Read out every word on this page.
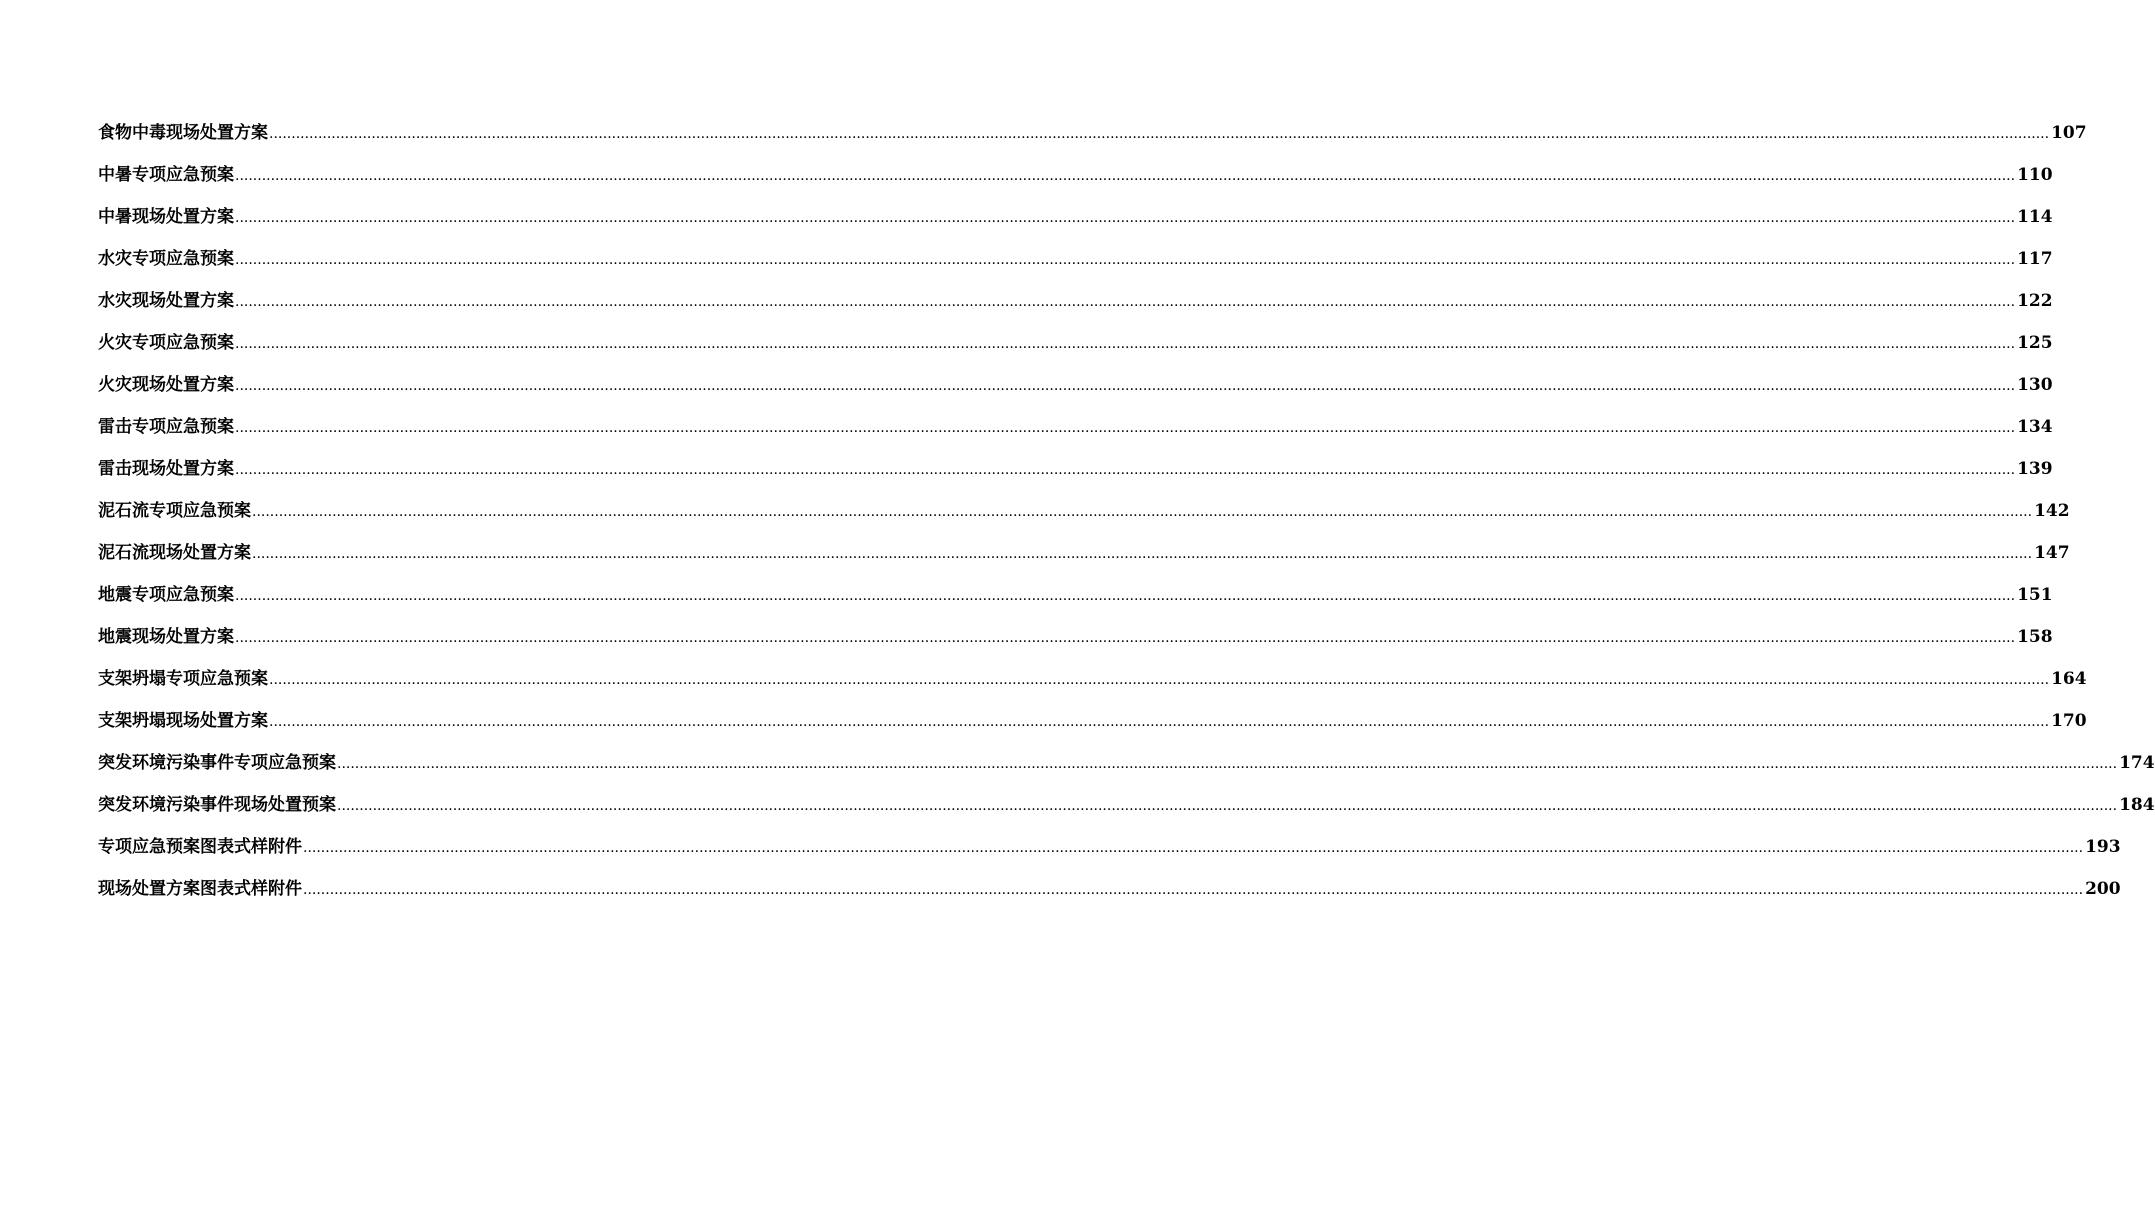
食物中毒现场处置方案 ................................................................................................................................................................................................................................................................................................................................................................................................................ 107
中暑专项应急预案 ................................................................................................................................................................................................................................................................................................................................................................................................................ 110
中暑现场处置方案 ................................................................................................................................................................................................................................................................................................................................................................................................................ 114
水灾专项应急预案 ................................................................................................................................................................................................................................................................................................................................................................................................................ 117
水灾现场处置方案 ................................................................................................................................................................................................................................................................................................................................................................................................................ 122
火灾专项应急预案 ................................................................................................................................................................................................................................................................................................................................................................................................................ 125
火灾现场处置方案 ................................................................................................................................................................................................................................................................................................................................................................................................................ 130
雷击专项应急预案 ................................................................................................................................................................................................................................................................................................................................................................................................................ 134
雷击现场处置方案 ................................................................................................................................................................................................................................................................................................................................................................................................................ 139
泥石流专项应急预案 ................................................................................................................................................................................................................................................................................................................................................................................................................ 142
泥石流现场处置方案 ................................................................................................................................................................................................................................................................................................................................................................................................................ 147
地震专项应急预案 ................................................................................................................................................................................................................................................................................................................................................................................................................ 151
地震现场处置方案 ................................................................................................................................................................................................................................................................................................................................................................................................................ 158
支架坍塌专项应急预案 ................................................................................................................................................................................................................................................................................................................................................................................................................ 164
支架坍塌现场处置方案 ................................................................................................................................................................................................................................................................................................................................................................................................................ 170
突发环境污染事件专项应急预案 ................................................................................................................................................................................................................................................................................................................................................................................................................ 174
突发环境污染事件现场处置预案 ................................................................................................................................................................................................................................................................................................................................................................................................................ 184
专项应急预案图表式样附件 ................................................................................................................................................................................................................................................................................................................................................................................................................ 193
现场处置方案图表式样附件 ................................................................................................................................................................................................................................................................................................................................................................................................................ 200
